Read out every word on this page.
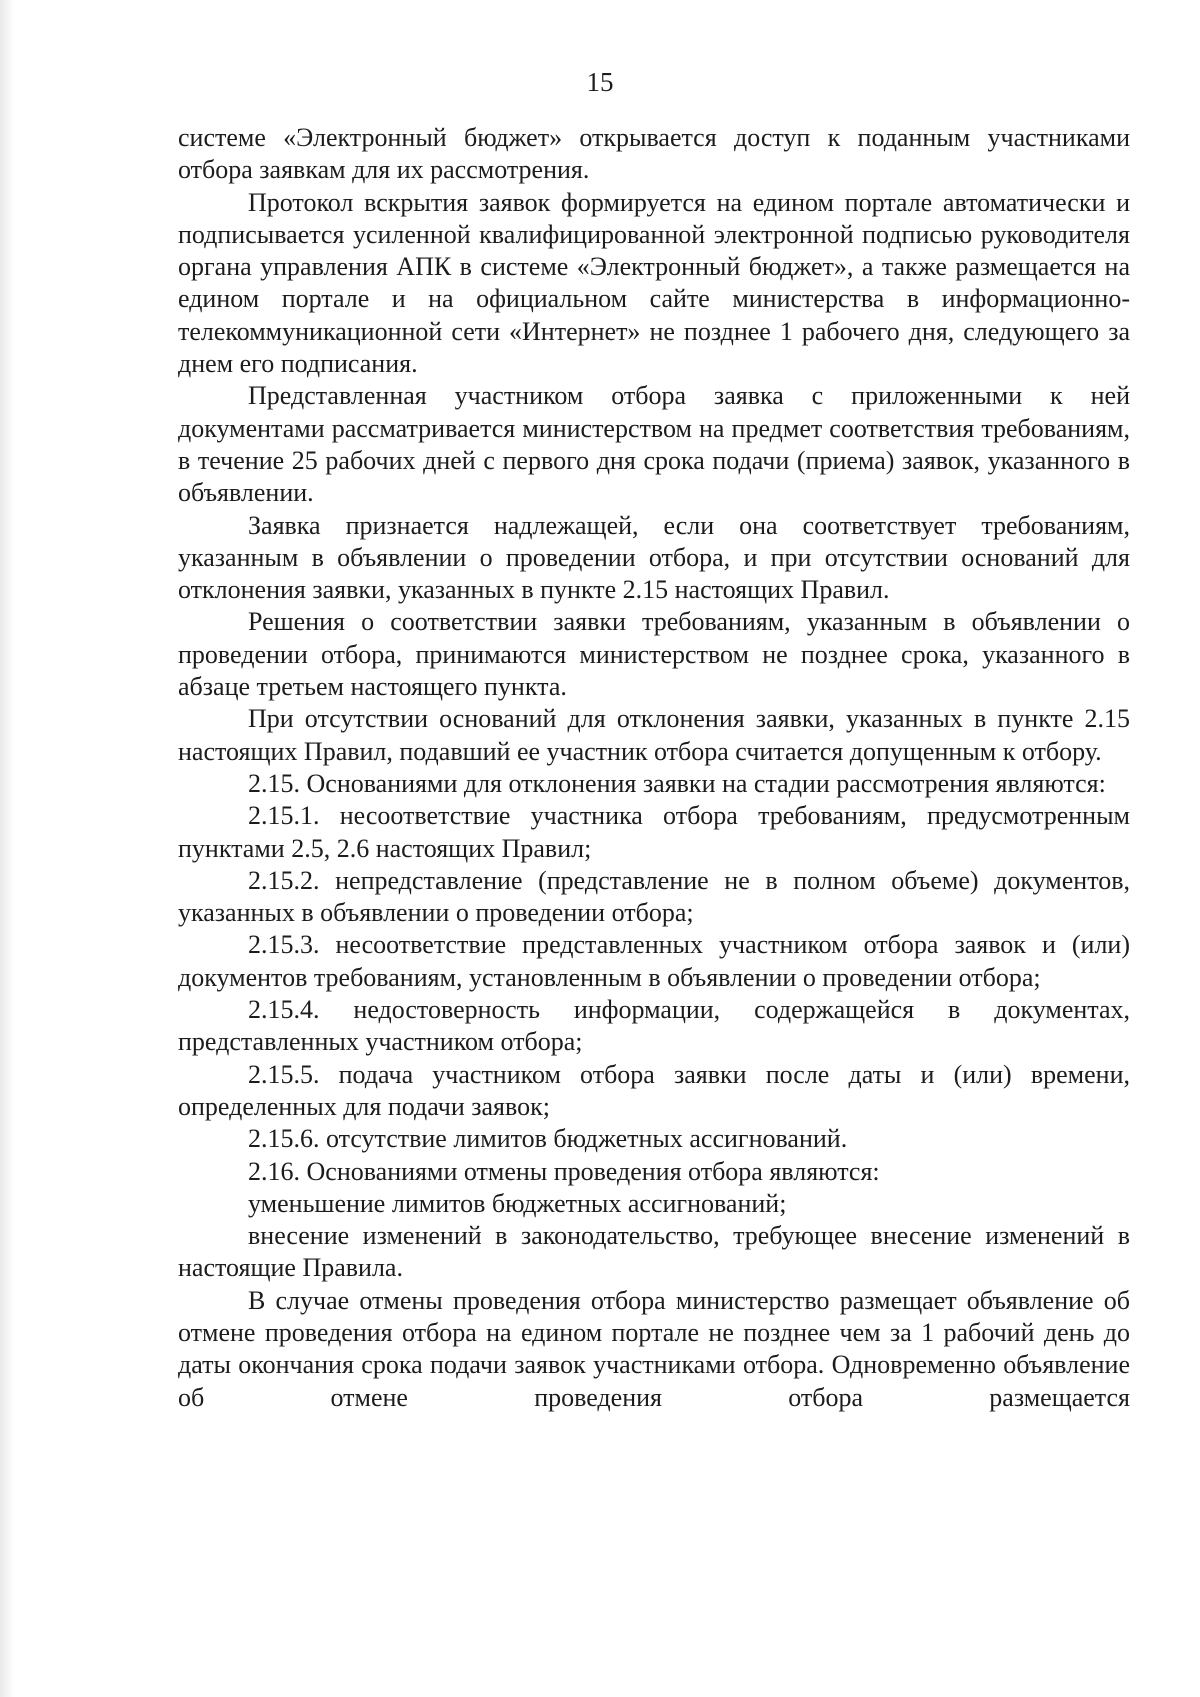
15

системе «Электронный бюджет» открывается доступ к поданным участниками отбора заявкам для их рассмотрения.

Протокол вскрытия заявок формируется на едином портале автоматически и подписывается усиленной квалифицированной электронной подписью руководителя органа управления АПК в системе «Электронный бюджет», а также размещается на едином портале и на официальном сайте министерства в информационно-телекоммуникационной сети «Интернет» не позднее 1 рабочего дня, следующего за днем его подписания.

Представленная участником отбора заявка с приложенными к ней документами рассматривается министерством на предмет соответствия требованиям, в течение 25 рабочих дней с первого дня срока подачи (приема) заявок, указанного в объявлении.

Заявка признается надлежащей, если она соответствует требованиям, указанным в объявлении о проведении отбора, и при отсутствии оснований для отклонения заявки, указанных в пункте 2.15 настоящих Правил.

Решения о соответствии заявки требованиям, указанным в объявлении о проведении отбора, принимаются министерством не позднее срока, указанного в абзаце третьем настоящего пункта.

При отсутствии оснований для отклонения заявки, указанных в пункте 2.15 настоящих Правил, подавший ее участник отбора считается допущенным к отбору.

2.15. Основаниями для отклонения заявки на стадии рассмотрения являются:

2.15.1. несоответствие участника отбора требованиям, предусмотренным пунктами 2.5, 2.6 настоящих Правил;

2.15.2. непредставление (представление не в полном объеме) документов, указанных в объявлении о проведении отбора;

2.15.3. несоответствие представленных участником отбора заявок и (или) документов требованиям, установленным в объявлении о проведении отбора;

2.15.4. недостоверность информации, содержащейся в документах, представленных участником отбора;

2.15.5. подача участником отбора заявки после даты и (или) времени, определенных для подачи заявок;

2.15.6. отсутствие лимитов бюджетных ассигнований.

2.16. Основаниями отмены проведения отбора являются:

уменьшение лимитов бюджетных ассигнований;

внесение изменений в законодательство, требующее внесение изменений в настоящие Правила.

В случае отмены проведения отбора министерство размещает объявление об отмене проведения отбора на едином портале не позднее чем за 1 рабочий день до даты окончания срока подачи заявок участниками отбора. Одновременно объявление об отмене проведения отбора размещается
